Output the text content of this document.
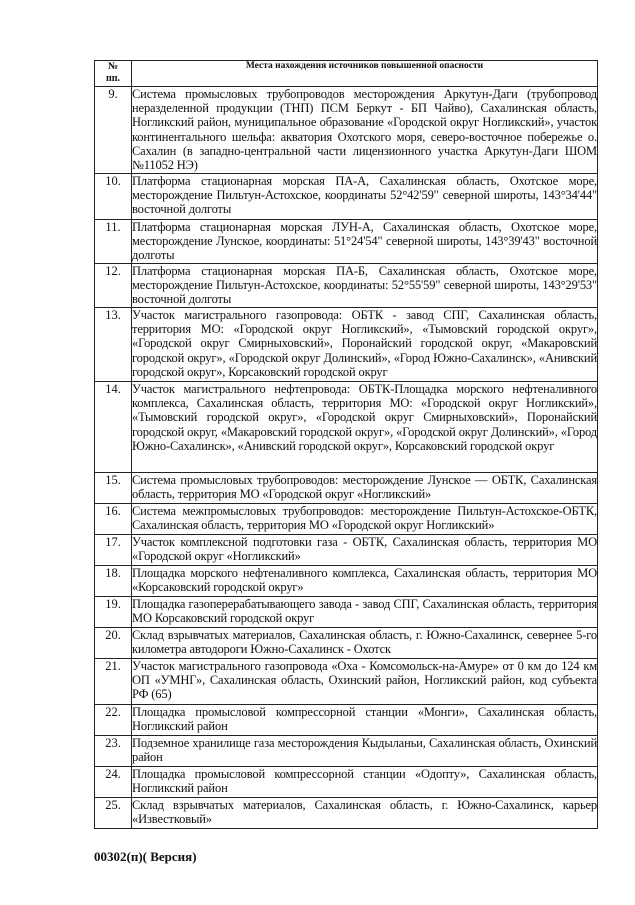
№
пп.	Места нахождения источников повышенной опасности
9.	Система промысловых трубопроводов месторождения Аркутун-Даги (трубопровод неразделенной продукции (ТНП) ПСМ Беркут - БП Чайво), Сахалинская область, Ногликский район, муниципальное образование «Городской округ Ногликский», участок континентального шельфа: акватория Охотского моря, северо-восточное побережье о. Сахалин (в западно-центральной части лицензионного участка Аркутун-Даги ШОМ №11052 НЭ)
10.	Платформа стационарная морская ПА-А, Сахалинская область, Охотское море, месторождение Пильтун-Астохское, координаты 52°42'59" северной широты, 143°34'44" восточной долготы
11.	Платформа стационарная морская ЛУН-А, Сахалинская область, Охотское море, месторождение Лунское, координаты: 51°24'54" северной широты, 143°39'43" восточной долготы
12.	Платформа стационарная морская ПА-Б, Сахалинская область, Охотское море, месторождение Пильтун-Астохское, координаты: 52°55'59" северной широты, 143°29'53" восточной долготы
13.	Участок магистрального газопровода: ОБТК - завод СПГ, Сахалинская область, территория МО: «Городской округ Ногликский», «Тымовский городской округ», «Городской округ Смирныховский», Поронайский городской округ, «Макаровский городской округ», «Городской округ Долинский», «Город Южно-Сахалинск», «Анивский городской округ», Корсаковский городской округ
14.	Участок магистрального нефтепровода: ОБТК-Площадка морского нефтеналивного комплекса, Сахалинская область, территория МО: «Городской округ Ногликский», «Тымовский городской округ», «Городской округ Смирныховский», Поронайский городской округ, «Макаровский городской округ», «Городской округ Долинский», «Город Южно-Сахалинск», «Анивский городской округ», Корсаковский городской округ
15.	Система промысловых трубопроводов: месторождение Лунское — ОБТК, Сахалинская область, территория МО «Городской округ «Ногликский»
16.	Система межпромысловых трубопроводов: месторождение Пильтун-Астохское-ОБТК, Сахалинская область, территория МО «Городской округ Ногликский»
17.	Участок комплексной подготовки газа - ОБТК, Сахалинская область, территория МО «Городской округ «Ногликский»
18.	Площадка морского нефтеналивного комплекса, Сахалинская область, территория МО «Корсаковский городской округ»
19.	Площадка газоперерабатывающего завода - завод СПГ, Сахалинская область, территория МО Корсаковский городской округ
20.	Склад взрывчатых материалов, Сахалинская область, г. Южно-Сахалинск, севернее 5-го километра автодороги Южно-Сахалинск - Охотск
21.	Участок магистрального газопровода «Оха - Комсомольск-на-Амуре» от 0 км до 124 км ОП «УМНГ», Сахалинская область, Охинский район, Ногликский район, код субъекта РФ (65)
22.	Площадка промысловой компрессорной станции «Монги», Сахалинская область, Ногликский район
23.	Подземное хранилище газа месторождения Кыдыланьи, Сахалинская область, Охинский район
24.	Площадка промысловой компрессорной станции «Одопту», Сахалинская область, Ногликский район
25.	Склад взрывчатых материалов, Сахалинская область, г. Южно-Сахалинск, карьер «Известковый»
00302(п)( Версия)
